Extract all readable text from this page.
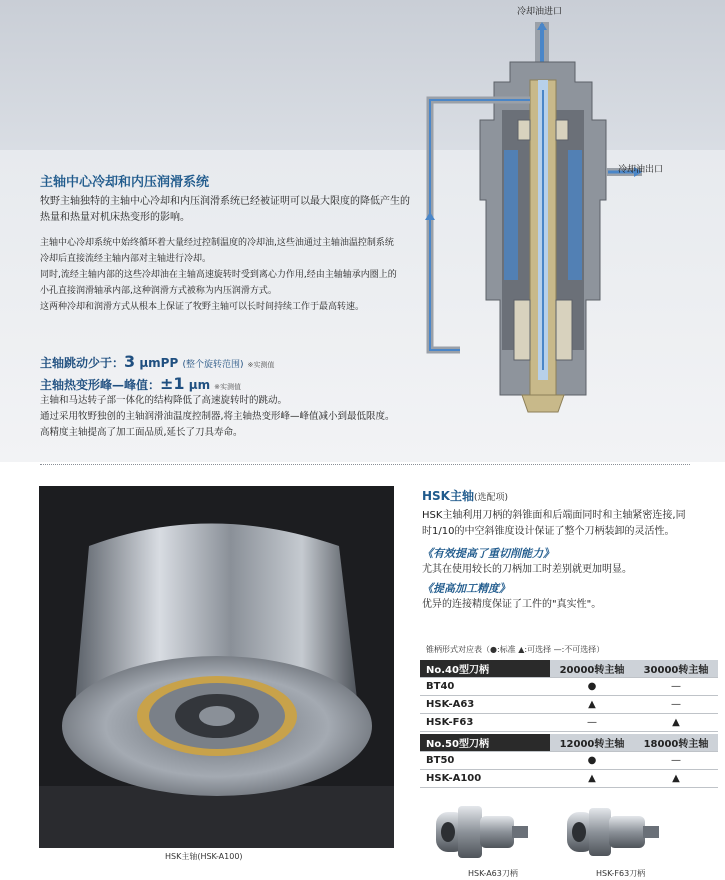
冷却油进口
冷却油出口
主轴中心冷却和内压润滑系统

牧野主轴独特的主轴中心冷却和内压润滑系统已经被证明可以最大限度的降低产生的

热量和热量对机床热变形的影响。

主轴中心冷却系统中始终循环着大量经过控制温度的冷却油,这些油通过主轴油温控制系统

冷却后直接流经主轴内部对主轴进行冷却。

同时,流经主轴内部的这些冷却油在主轴高速旋转时受到离心力作用,经由主轴轴承内圈上的

小孔直接润滑轴承内部,这种润滑方式被称为内压润滑方式。

这两种冷却和润滑方式从根本上保证了牧野主轴可以长时间持续工作于最高转速。

主轴跳动少于：3 μmPP (整个旋转范围) ※实测值
主轴热变形峰—峰值：±1 μm ※实测值

主轴和马达转子部一体化的结构降低了高速旋转时的跳动。

通过采用牧野独创的主轴润滑油温度控制器,将主轴热变形峰—峰值减小到最低限度。

高精度主轴提高了加工面品质,延长了刀具寿命。

HSK主轴(HSK-A100)
HSK主轴(选配项)
HSK主轴利用刀柄的斜锥面和后端面同时和主轴紧密连接,同
时1/10的中空斜锥度设计保证了整个刀柄装卸的灵活性。
《有效提高了重切削能力》
尤其在使用较长的刀柄加工时差别就更加明显。
《提高加工精度》
优异的连接精度保证了工件的"真实性"。
锥柄形式对应表（●:标准 ▲:可选择 —:不可选择）
No.40型刀柄	20000转主轴	30000转主轴
BT40	●	—
HSK-A63	▲	—
HSK-F63	—	▲
No.50型刀柄	12000转主轴	18000转主轴
BT50	●	—
HSK-A100	▲	▲
HSK-A63刀柄	HSK-F63刀柄
